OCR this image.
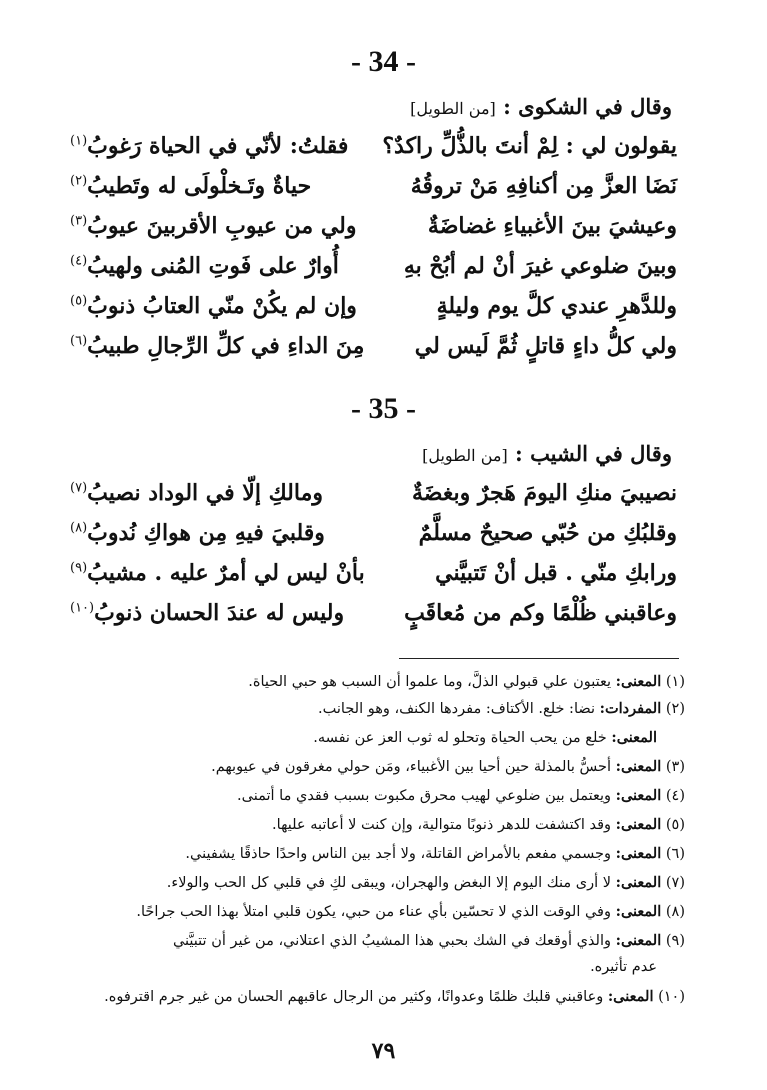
- 34 -
وقال في الشكوى : [من الطويل]
يقولون لي : لِمْ أنتَ بالذُّلِّ راكدٌ؟
فقلتُ: لأنّي في الحياة رَغوبُ$^{(١)}$
نَضَا العزَّ مِن أكنافِهِ مَنْ تروقُهُ
حياةٌ وتَـخلْولَى له وتَطيبُ$^{(٢)}$
وعيشيَ بينَ الأغبياءِ غضاضَةٌ
ولي من عيوبِ الأقربينَ عيوبُ$^{(٣)}$
وبينَ ضلوعي غيرَ أنْ لم أبُحْ بهِ
أُوارٌ على فَوتِ المُنى ولهيبُ$^{(٤)}$
وللدَّهرِ عندي كلَّ يوم وليلةٍ
وإن لم يكُنْ منّي العتابُ ذنوبُ$^{(٥)}$
ولي كلُّ داءٍ قاتلٍ ثُمَّ لَيس لي
مِنَ الداءِ في كلِّ الرِّجالِ طبيبُ$^{(٦)}$
- 35 -
وقال في الشيب : [من الطويل]
نصيبيَ منكِ اليومَ هَجرٌ وبغضَةٌ
ومالكِ إلّا في الوداد نصيبُ$^{(٧)}$
وقلبُكِ من حُبّي صحيحٌ مسلَّمٌ
وقلبيَ فيهِ مِن هواكِ نُدوبُ$^{(٨)}$
ورابكِ منّي . قبل أنْ تَتبيَّني
بأنْ ليس لي أمرٌ عليه . مشيبُ$^{(٩)}$
وعاقبني ظُلْمًا وكم من مُعاقَبٍ
وليس له عندَ الحسان ذنوبُ$^{(١٠)}$
(١) المعنى: يعتبون علي قبولي الذلَّ، وما علموا أن السبب هو حبي الحياة.
(٢) المفردات: نضا: خلع. الأكتاف: مفردها الكنف، وهو الجانب.
المعنى: خلع من يحب الحياة وتحلو له ثوب العز عن نفسه.
(٣) المعنى: أحسُّ بالمذلة حين أحيا بين الأغبياء، ومَن حولي مغرقون في عيوبهم.
(٤) المعنى: ويعتمل بين ضلوعي لهيب محرق مكبوت بسبب فقدي ما أتمنى.
(٥) المعنى: وقد اكتشفت للدهر ذنوبًا متوالية، وإن كنت لا أعاتبه عليها.
(٦) المعنى: وجسمي مفعم بالأمراض القاتلة، ولا أجد بين الناس واحدًا حاذقًا يشفيني.
(٧) المعنى: لا أرى منك اليوم إلا البغض والهجران، ويبقى لكِ في قلبي كل الحب والولاء.
(٨) المعنى: وفي الوقت الذي لا تحسّين بأي عناء من حبي، يكون قلبي امتلأ بهذا الحب جراحًا.
(٩) المعنى: والذي أوقعك في الشك بحبي هذا المشيبُ الذي اعتلاني، من غير أن تتبيَّني
عدم تأثيره.
(١٠) المعنى: وعاقبني قلبك ظلمًا وعدوانًا، وكثير من الرجال عاقبهم الحسان من غير جرم اقترفوه.
٧٩
